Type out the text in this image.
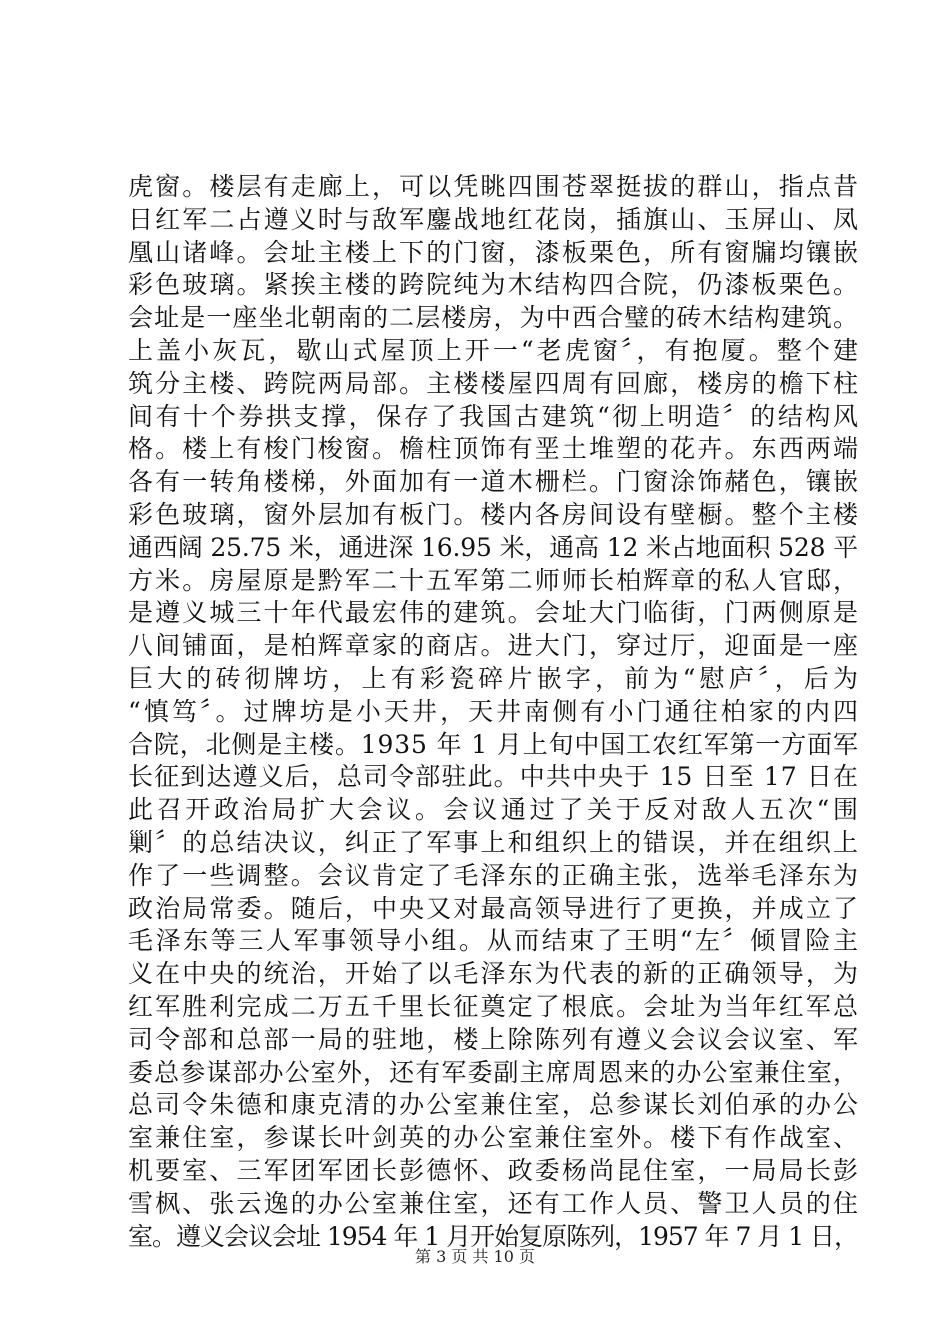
虎窗。楼层有走廊上，可以凭眺四围苍翠挺拔的群山，指点昔
日红军二占遵义时与敌军鏖战地红花岗，插旗山、玉屏山、凤
凰山诸峰。会址主楼上下的门窗，漆板栗色，所有窗牖均镶嵌
彩色玻璃。紧挨主楼的跨院纯为木结构四合院，仍漆板栗色。
会址是一座坐北朝南的二层楼房，为中西合璧的砖木结构建筑。
上盖小灰瓦，歇山式屋顶上开一“老虎窗〞，有抱厦。整个建
筑分主楼、跨院两局部。主楼楼屋四周有回廊，楼房的檐下柱
间有十个券拱支撑，保存了我国古建筑“彻上明造〞的结构风
格。楼上有梭门梭窗。檐柱顶饰有垩土堆塑的花卉。东西两端
各有一转角楼梯，外面加有一道木栅栏。门窗涂饰赭色，镶嵌
彩色玻璃，窗外层加有板门。楼内各房间设有壁橱。整个主楼
通西阔 25.75 米，通进深 16.95 米，通高 12 米占地面积 528 平
方米。房屋原是黔军二十五军第二师师长柏辉章的私人官邸，
是遵义城三十年代最宏伟的建筑。会址大门临街，门两侧原是
八间铺面，是柏辉章家的商店。进大门，穿过厅，迎面是一座
巨大的砖彻牌坊，上有彩瓷碎片嵌字，前为“慰庐〞，后为
“慎笃〞。过牌坊是小天井，天井南侧有小门通往柏家的内四
合院，北侧是主楼。1935 年 1 月上旬中国工农红军第一方面军
长征到达遵义后，总司令部驻此。中共中央于 15 日至 17 日在
此召开政治局扩大会议。会议通过了关于反对敌人五次“围
剿〞的总结决议，纠正了军事上和组织上的错误，并在组织上
作了一些调整。会议肯定了毛泽东的正确主张，选举毛泽东为
政治局常委。随后，中央又对最高领导进行了更换，并成立了
毛泽东等三人军事领导小组。从而结束了王明“左〞倾冒险主
义在中央的统治，开始了以毛泽东为代表的新的正确领导，为
红军胜利完成二万五千里长征奠定了根底。会址为当年红军总
司令部和总部一局的驻地，楼上除陈列有遵义会议会议室、军
委总参谋部办公室外，还有军委副主席周恩来的办公室兼住室，
总司令朱德和康克清的办公室兼住室，总参谋长刘伯承的办公
室兼住室，参谋长叶剑英的办公室兼住室外。楼下有作战室、
机要室、三军团军团长彭德怀、政委杨尚昆住室，一局局长彭
雪枫、张云逸的办公室兼住室，还有工作人员、警卫人员的住
室。遵义会议会址 1954 年 1 月开始复原陈列，1957 年 7 月 1 日，
第 3 页 共 10 页
